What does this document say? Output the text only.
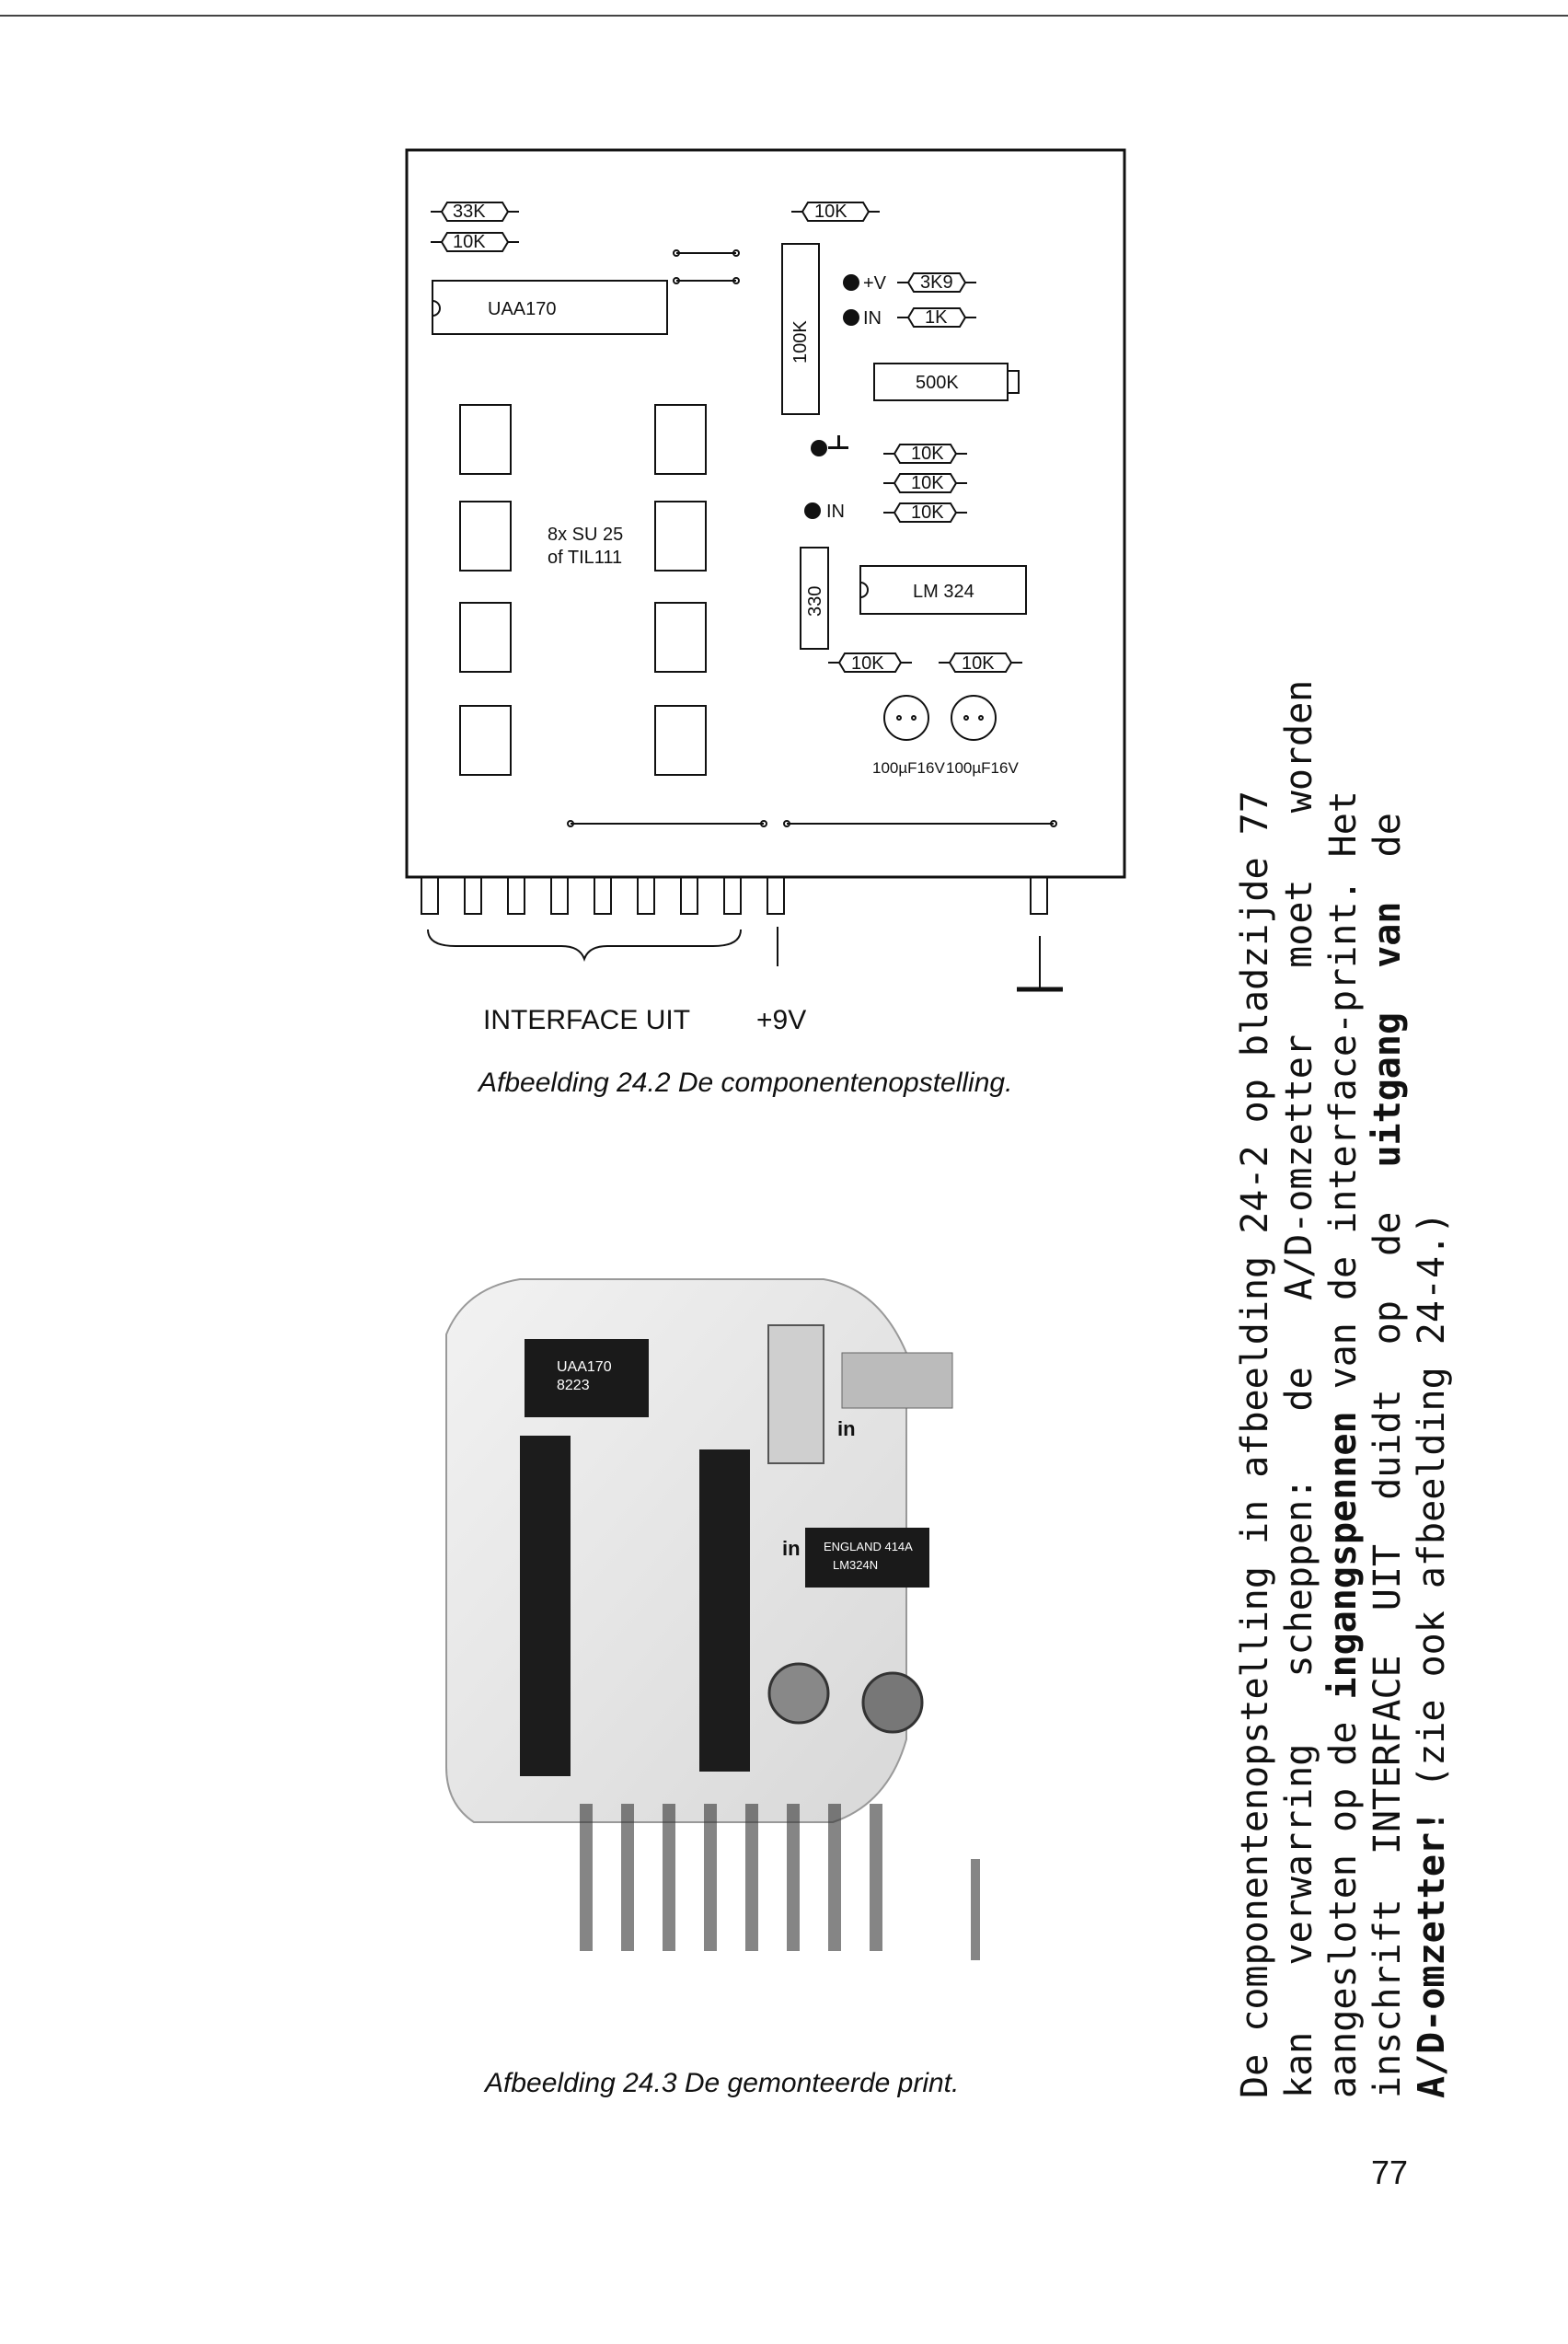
33K
10K
10K
UAA170
100K
+V
IN
3K9
1K
500K
10K
10K
10K
IN
330	LM 324
10K	10K
100µF16V 100µF16V
8x SU 25
of TIL111
INTERFACE UIT +9V
Afbeelding 24.2 De componentenopstelling.
UAA170
8223
ENGLAND 414A
LM324N
in
in
Afbeelding 24.3 De gemonteerde print.	De componentenopstelling in afbeelding 24-2 op bladzijde 77 kan   verwarring   scheppen:   de   A/D-omzetter   moet   worden aangesloten op de ingangspennen van de interface-print. Het

inschrift  INTERFACE  UIT  duidt  op  de  uitgang  van  de

A/D-omzetter! (zie ook afbeelding 24-4.)

77
